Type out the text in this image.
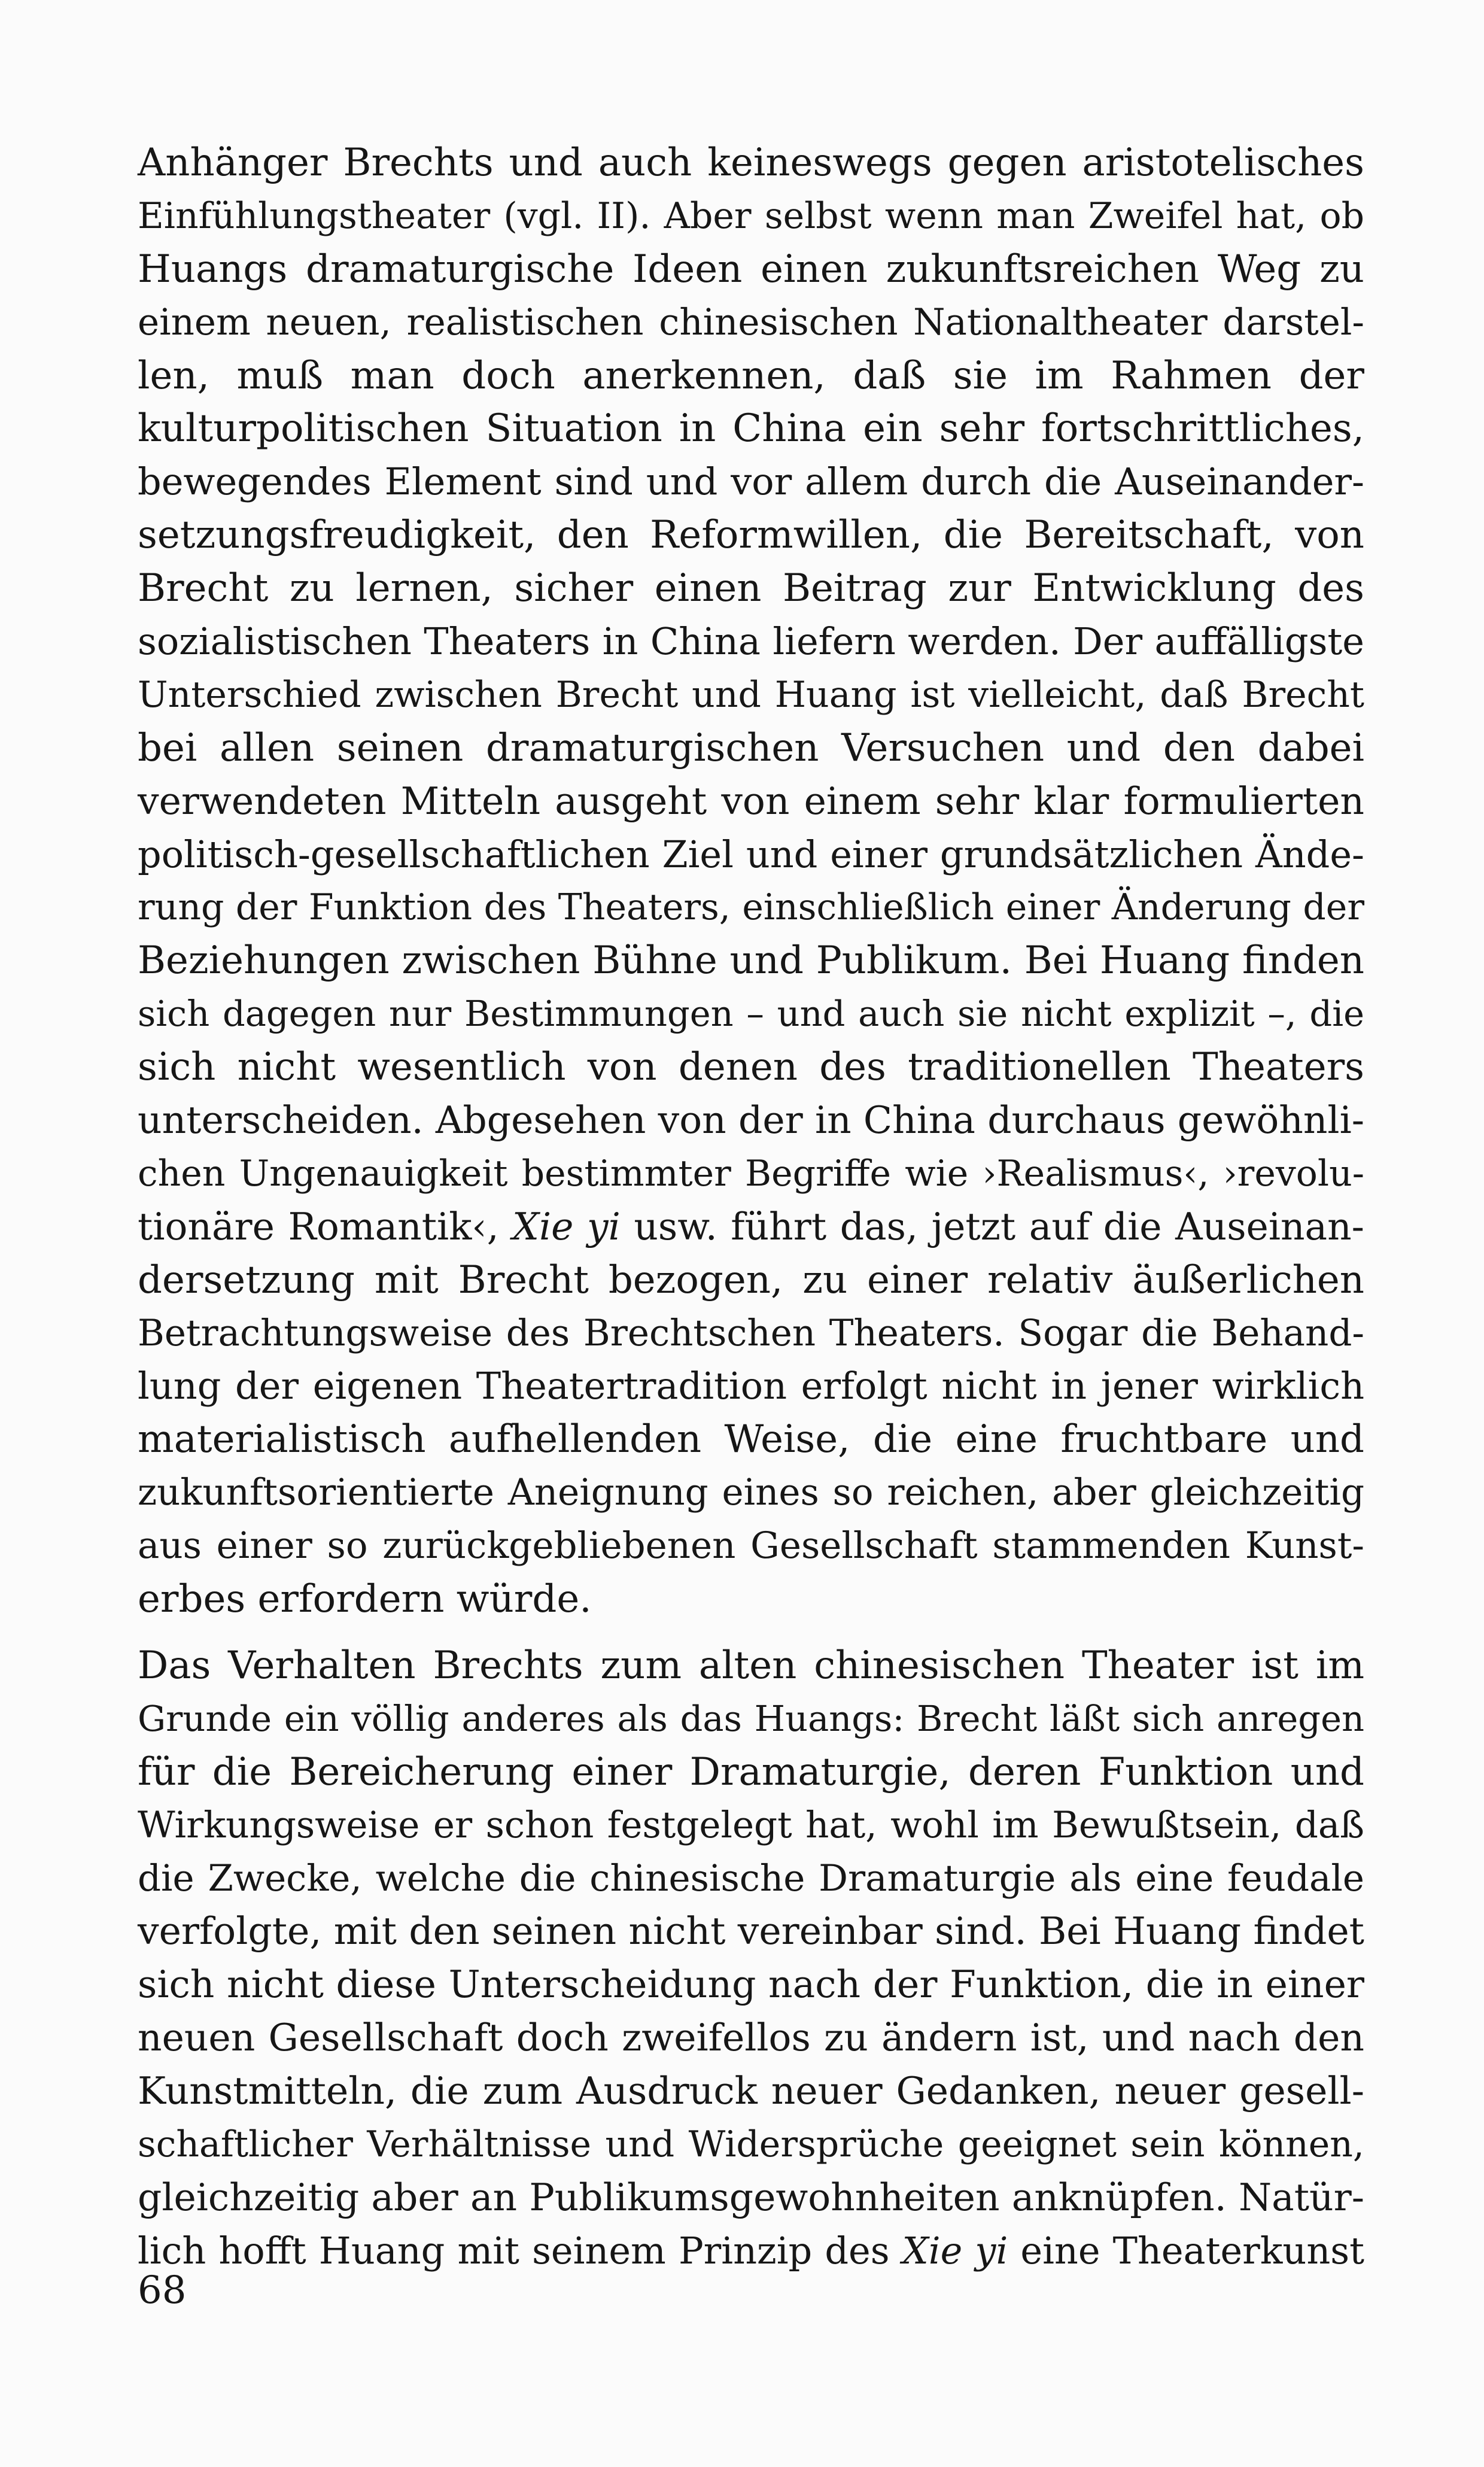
Anhänger Brechts und auch keineswegs gegen aristotelisches
Einfühlungstheater (vgl. II). Aber selbst wenn man Zweifel hat, ob
Huangs dramaturgische Ideen einen zukunftsreichen Weg zu
einem neuen, realistischen chinesischen Nationaltheater darstel-
len, muß man doch anerkennen, daß sie im Rahmen der
kulturpolitischen Situation in China ein sehr fortschrittliches,
bewegendes Element sind und vor allem durch die Auseinander-
setzungsfreudigkeit, den Reformwillen, die Bereitschaft, von
Brecht zu lernen, sicher einen Beitrag zur Entwicklung des
sozialistischen Theaters in China liefern werden. Der auffälligste
Unterschied zwischen Brecht und Huang ist vielleicht, daß Brecht
bei allen seinen dramaturgischen Versuchen und den dabei
verwendeten Mitteln ausgeht von einem sehr klar formulierten
politisch-gesellschaftlichen Ziel und einer grundsätzlichen Ände-
rung der Funktion des Theaters, einschließlich einer Änderung der
Beziehungen zwischen Bühne und Publikum. Bei Huang finden
sich dagegen nur Bestimmungen – und auch sie nicht explizit –, die
sich nicht wesentlich von denen des traditionellen Theaters
unterscheiden. Abgesehen von der in China durchaus gewöhnli-
chen Ungenauigkeit bestimmter Begriffe wie ›Realismus‹, ›revolu-
tionäre Romantik‹, Xie yi usw. führt das, jetzt auf die Auseinan-
dersetzung mit Brecht bezogen, zu einer relativ äußerlichen
Betrachtungsweise des Brechtschen Theaters. Sogar die Behand-
lung der eigenen Theatertradition erfolgt nicht in jener wirklich
materialistisch aufhellenden Weise, die eine fruchtbare und
zukunftsorientierte Aneignung eines so reichen, aber gleichzeitig
aus einer so zurückgebliebenen Gesellschaft stammenden Kunst-
erbes erfordern würde.
Das Verhalten Brechts zum alten chinesischen Theater ist im
Grunde ein völlig anderes als das Huangs: Brecht läßt sich anregen
für die Bereicherung einer Dramaturgie, deren Funktion und
Wirkungsweise er schon festgelegt hat, wohl im Bewußtsein, daß
die Zwecke, welche die chinesische Dramaturgie als eine feudale
verfolgte, mit den seinen nicht vereinbar sind. Bei Huang findet
sich nicht diese Unterscheidung nach der Funktion, die in einer
neuen Gesellschaft doch zweifellos zu ändern ist, und nach den
Kunstmitteln, die zum Ausdruck neuer Gedanken, neuer gesell-
schaftlicher Verhältnisse und Widersprüche geeignet sein können,
gleichzeitig aber an Publikumsgewohnheiten anknüpfen. Natür-
lich hofft Huang mit seinem Prinzip des Xie yi eine Theaterkunst
68
